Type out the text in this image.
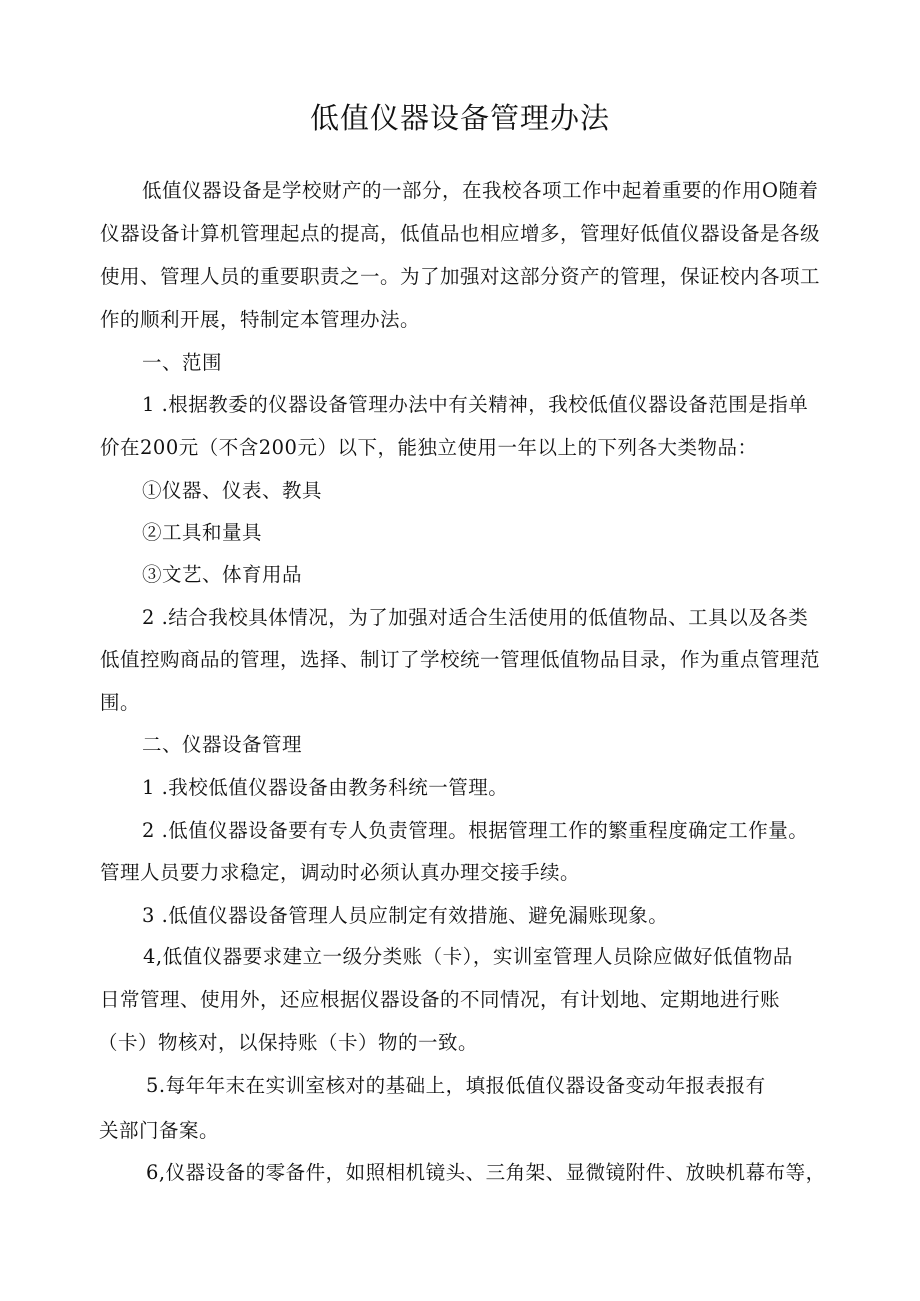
低值仪器设备管理办法
低值仪器设备是学校财产的一部分，在我校各项工作中起着重要的作用O随着
仪器设备计算机管理起点的提高，低值品也相应增多，管理好低值仪器设备是各级
使用、管理人员的重要职责之一。为了加强对这部分资产的管理，保证校内各项工
作的顺利开展，特制定本管理办法。
一、范围
1 .根据教委的仪器设备管理办法中有关精神，我校低值仪器设备范围是指单
价在200元（不含200元）以下，能独立使用一年以上的下列各大类物品：
①仪器、仪表、教具
②工具和量具
③文艺、体育用品
2 .结合我校具体情况，为了加强对适合生活使用的低值物品、工具以及各类
低值控购商品的管理，选择、制订了学校统一管理低值物品目录，作为重点管理范
围。
二、仪器设备管理
1 .我校低值仪器设备由教务科统一管理。
2 .低值仪器设备要有专人负责管理。根据管理工作的繁重程度确定工作量。
管理人员要力求稳定，调动时必须认真办理交接手续。
3 .低值仪器设备管理人员应制定有效措施、避免漏账现象。
4,低值仪器要求建立一级分类账（卡），实训室管理人员除应做好低值物品
日常管理、使用外，还应根据仪器设备的不同情况，有计划地、定期地进行账
（卡）物核对，以保持账（卡）物的一致。
5.每年年末在实训室核对的基础上，填报低值仪器设备变动年报表报有
关部门备案。
6,仪器设备的零备件，如照相机镜头、三角架、显微镜附件、放映机幕布等，
